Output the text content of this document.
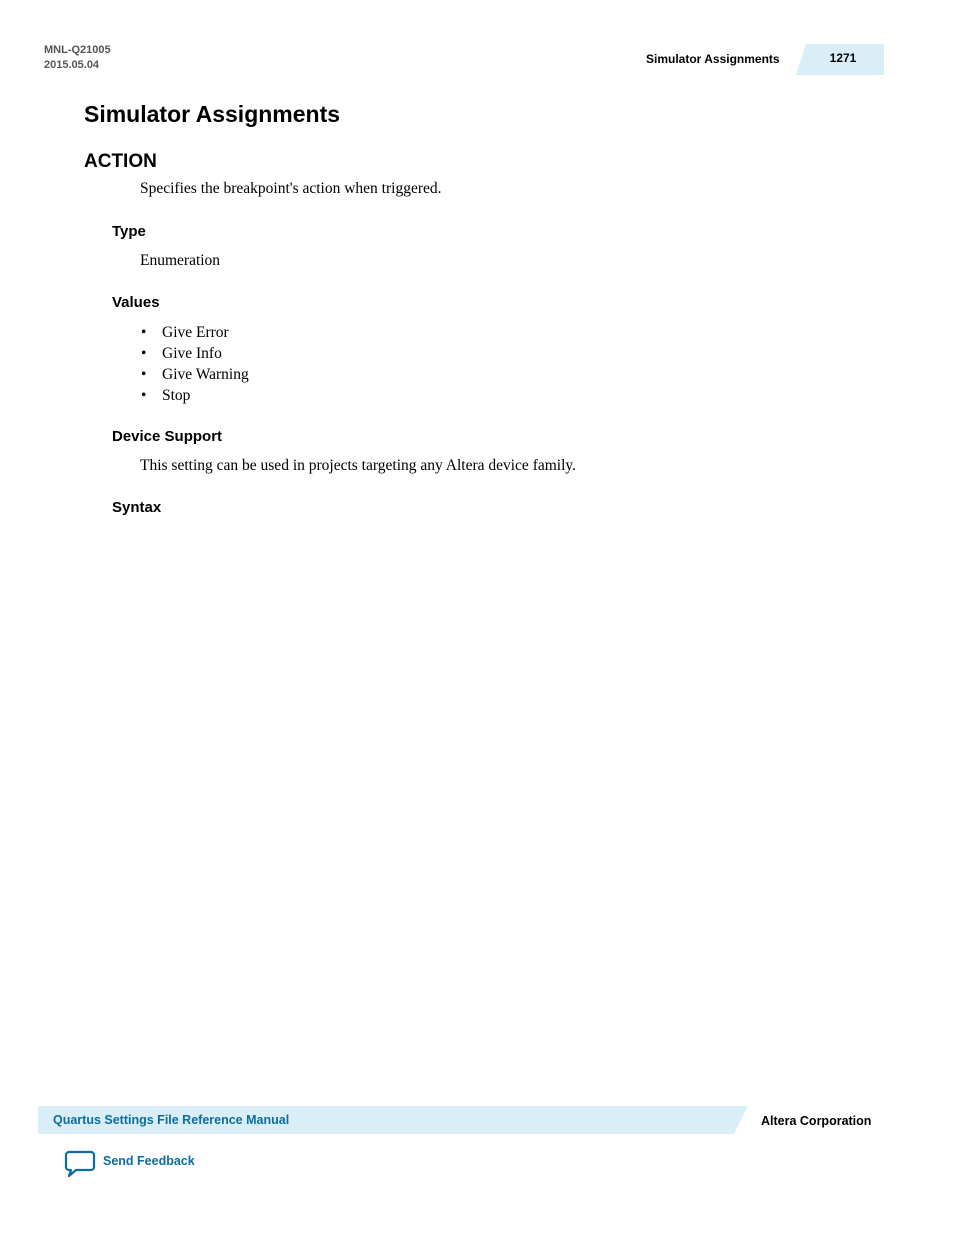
MNL-Q21005
2015.05.04	Simulator Assignments	1271
Simulator Assignments
ACTION
Specifies the breakpoint's action when triggered.
Type
Enumeration
Values
• Give Error
• Give Info
• Give Warning
• Stop
Device Support
This setting can be used in projects targeting any Altera device family.
Syntax
Quartus Settings File Reference Manual	Altera Corporation
Send Feedback
